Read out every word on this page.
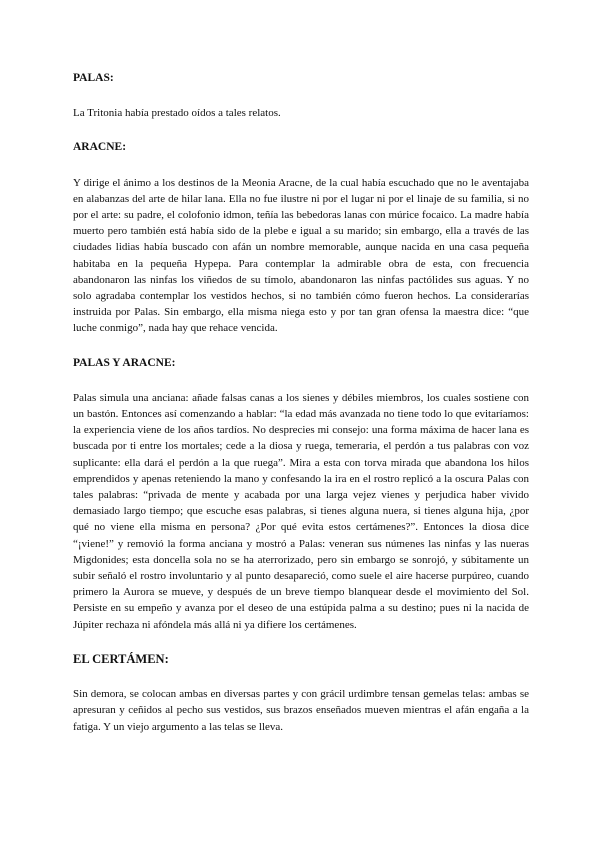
PALAS:

La Tritonia había prestado oídos a tales relatos.

ARACNE:

Y dirige el ánimo a los destinos de la Meonia Aracne, de la cual había escuchado que no le aventajaba en alabanzas del arte de hilar lana. Ella no fue ilustre ni por el lugar ni por el linaje de su familia, si no por el arte: su padre, el colofonio idmon, teñía las bebedoras lanas con múrice focaico. La madre había muerto pero también está había sido de la plebe e igual a su marido; sin embargo, ella a través de las ciudades lidias había buscado con afán un nombre memorable, aunque nacida en una casa pequeña habitaba en la pequeña Hypepa. Para contemplar la admirable obra de esta, con frecuencia abandonaron las ninfas los viñedos de su tímolo, abandonaron las ninfas pactólides sus aguas. Y no solo agradaba contemplar los vestidos hechos, si no también cómo fueron hechos. La considerarías instruida por Palas. Sin embargo, ella misma niega esto y por tan gran ofensa la maestra dice: “que luche conmigo”, nada hay que rehace vencida.

PALAS Y ARACNE:

Palas simula una anciana: añade falsas canas a los sienes y débiles miembros, los cuales sostiene con un bastón. Entonces así comenzando a hablar: “la edad más avanzada no tiene todo lo que evitaríamos: la experiencia viene de los años tardíos. No desprecies mi consejo: una forma máxima de hacer lana es buscada por ti entre los mortales; cede a la diosa y ruega, temeraria, el perdón a tus palabras con voz suplicante: ella dará el perdón a la que ruega”. Mira a esta con torva mirada que abandona los hilos emprendidos y apenas reteniendo la mano y confesando la ira en el rostro replicó a la oscura Palas con tales palabras: “privada de mente y acabada por una larga vejez vienes y perjudica haber vivido demasiado largo tiempo; que escuche esas palabras, si tienes alguna nuera, si tienes alguna hija, ¿por qué no viene ella misma en persona? ¿Por qué evita estos certámenes?”. Entonces la diosa dice “¡viene!” y removió la forma anciana y mostró a Palas: veneran sus númenes las ninfas y las nueras Migdonides; esta doncella sola no se ha aterrorizado, pero sin embargo se sonrojó, y súbitamente un subir señaló el rostro involuntario y al punto desapareció, como suele el aire hacerse purpúreo, cuando primero la Aurora se mueve, y después de un breve tiempo blanquear desde el movimiento del Sol. Persiste en su empeño y avanza por el deseo de una estúpida palma a su destino; pues ni la nacida de Júpiter rechaza ni afóndela más allá ni ya difiere los certámenes.

EL CERTÁMEN:

Sin demora, se colocan ambas en diversas partes y con grácil urdimbre tensan gemelas telas: ambas se apresuran y ceñidos al pecho sus vestidos, sus brazos enseñados mueven mientras el afán engaña a la fatiga. Y un viejo argumento a las telas se lleva.
